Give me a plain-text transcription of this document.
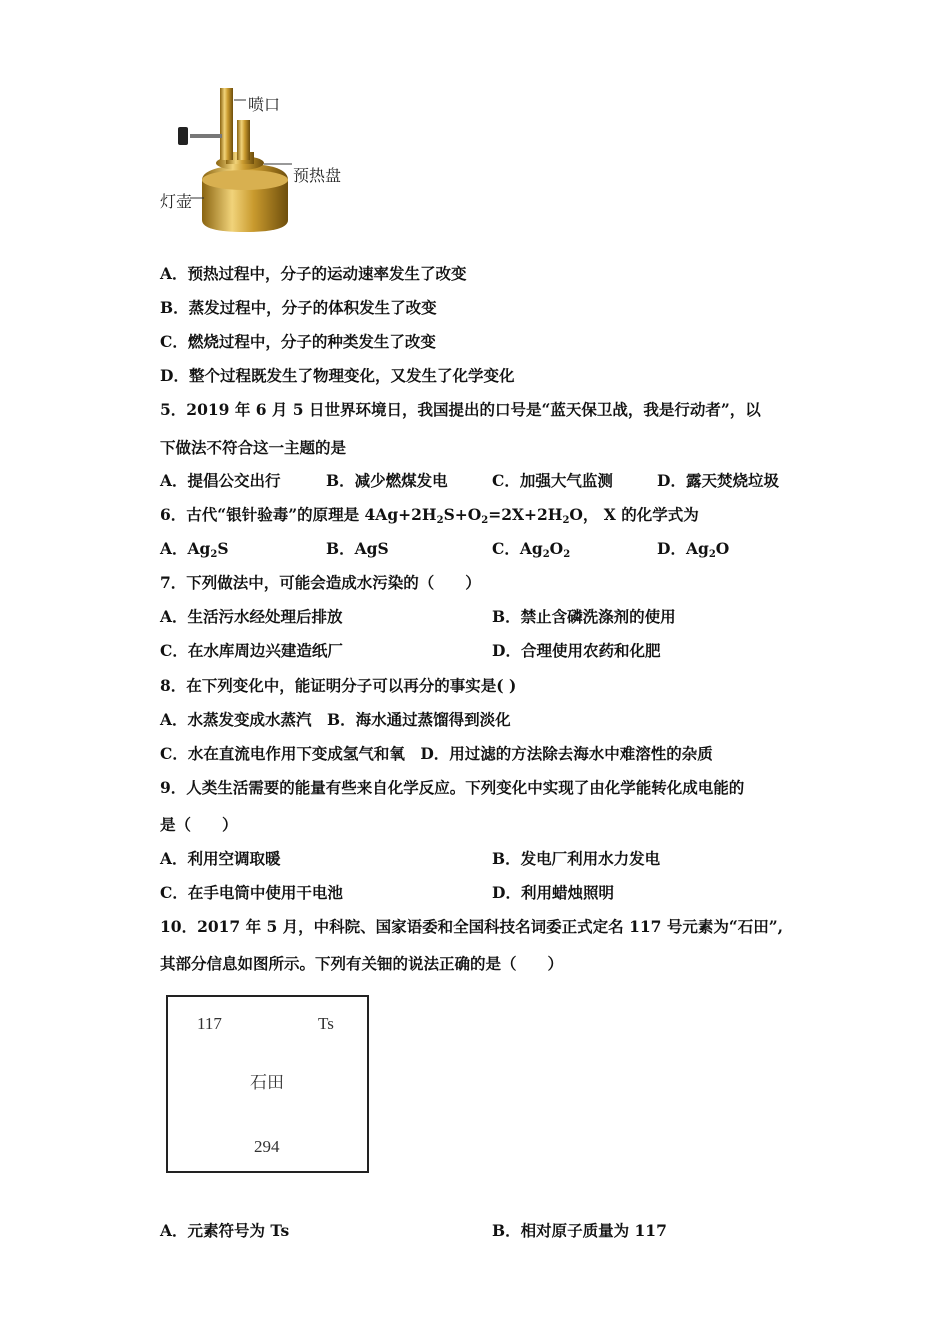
喷口
预热盘
灯壶
A．预热过程中，分子的运动速率发生了改变
B．蒸发过程中，分子的体积发生了改变
C．燃烧过程中，分子的种类发生了改变
D．整个过程既发生了物理变化，又发生了化学变化
5．2019 年 6 月 5 日世界环境日，我国提出的口号是“蓝天保卫战，我是行动者”，以
下做法不符合这一主题的是
A．提倡公交出行	B．减少燃煤发电	C．加强大气监测	D．露天焚烧垃圾
6．古代“银针验毒”的原理是 $4Ag+2H_2S+O_2=2X+2H_2O$， X 的化学式为
A．$Ag_2S$	B．AgS	C．$Ag_2O_2$	D．$Ag_2O$
7．下列做法中，可能会造成水污染的（　　）
A．生活污水经处理后排放	B．禁止含磷洗涤剂的使用
C．在水库周边兴建造纸厂	D．合理使用农药和化肥
8．在下列变化中，能证明分子可以再分的事实是( )
A．水蒸发变成水蒸汽　B．海水通过蒸馏得到淡化
C．水在直流电作用下变成氢气和氧　D．用过滤的方法除去海水中难溶性的杂质
9．人类生活需要的能量有些来自化学反应。下列变化中实现了由化学能转化成电能的
是（　　）
A．利用空调取暖	B．发电厂利用水力发电
C．在手电筒中使用干电池	D．利用蜡烛照明
10．2017 年 5 月，中科院、国家语委和全国科技名词委正式定名 117 号元素为“石田”,
其部分信息如图所示。下列有关钿的说法正确的是（　　）
117	Ts
石田
294
A．元素符号为 Ts	B．相对原子质量为 117
